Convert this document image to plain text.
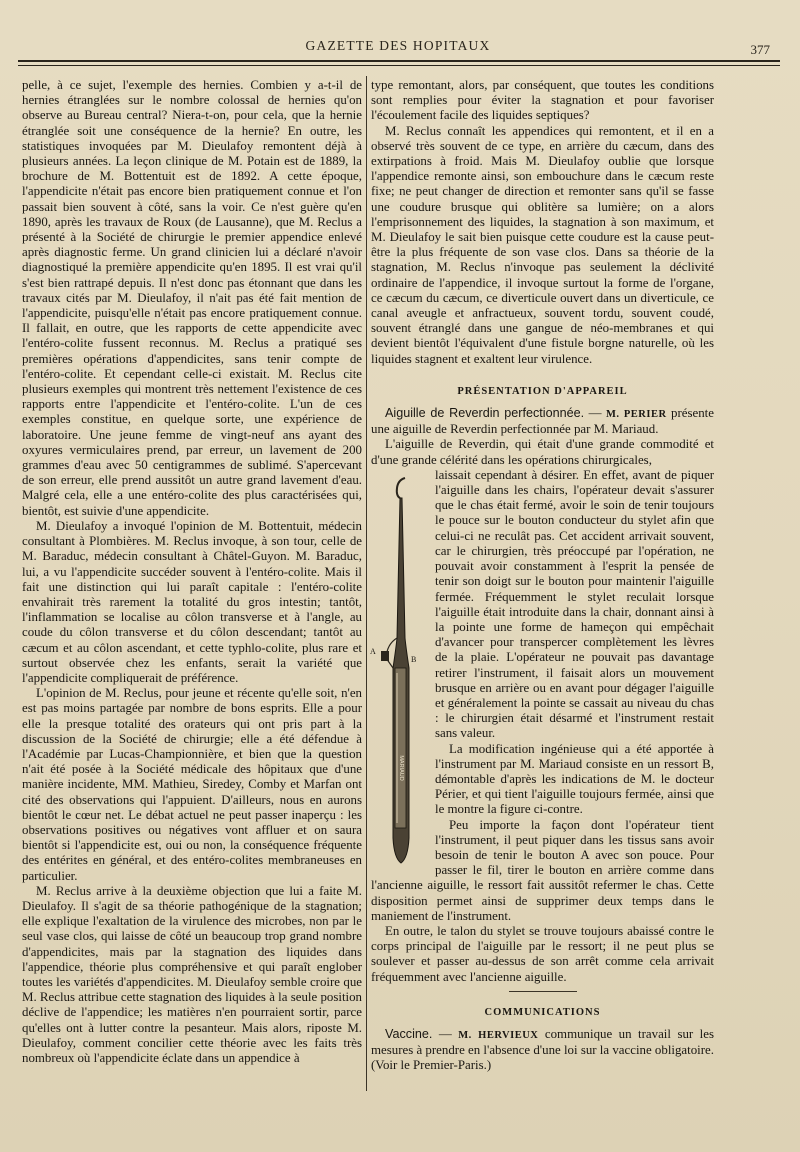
GAZETTE DES HOPITAUX	377

pelle, à ce sujet, l'exemple des hernies. Combien y a-t-il de hernies étranglées sur le nombre colossal de hernies qu'on observe au Bureau central? Niera-t-on, pour cela, que la hernie étranglée soit une conséquence de la hernie? En outre, les statistiques invoquées par M. Dieulafoy remontent déjà à plusieurs années. La leçon clinique de M. Potain est de 1889, la brochure de M. Bottentuit est de 1892. A cette époque, l'appendicite n'était pas encore bien pratiquement connue et l'on passait bien souvent à côté, sans la voir. Ce n'est guère qu'en 1890, après les travaux de Roux (de Lausanne), que M. Reclus a présenté à la Société de chirurgie le premier appendice enlevé après diagnostic ferme. Un grand clinicien lui a déclaré n'avoir diagnostiqué la première appendicite qu'en 1895. Il est vrai qu'il s'est bien rattrapé depuis. Il n'est donc pas étonnant que dans les travaux cités par M. Dieulafoy, il n'ait pas été fait mention de l'appendicite, puisqu'elle n'était pas encore pratiquement connue. Il fallait, en outre, que les rapports de cette appendicite avec l'entéro-colite fussent reconnus. M. Reclus a pratiqué ses premières opérations d'appendicites, sans tenir compte de l'entéro-colite. Et cependant celle-ci existait. M. Reclus cite plusieurs exemples qui montrent très nettement l'existence de ces rapports entre l'appendicite et l'entéro-colite. L'un de ces exemples constitue, en quelque sorte, une expérience de laboratoire. Une jeune femme de vingt-neuf ans ayant des oxyures vermiculaires prend, par erreur, un lavement de 200 grammes d'eau avec 50 centigrammes de sublimé. S'apercevant de son erreur, elle prend aussitôt un autre grand lavement d'eau. Malgré cela, elle a une entéro-colite des plus caractérisées qui, bientôt, est suivie d'une appendicite.

M. Dieulafoy a invoqué l'opinion de M. Bottentuit, médecin consultant à Plombières. M. Reclus invoque, à son tour, celle de M. Baraduc, médecin consultant à Châtel-Guyon. M. Baraduc, lui, a vu l'appendicite succéder souvent à l'entéro-colite. Mais il fait une distinction qui lui paraît capitale : l'entéro-colite envahirait très rarement la totalité du gros intestin; tantôt, l'inflammation se localise au côlon transverse et à l'angle, au coude du côlon transverse et du côlon descendant; tantôt au cæcum et au côlon ascendant, et cette typhlo-colite, plus rare et surtout observée chez les enfants, serait la variété que l'appendicite compliquerait de préférence.

L'opinion de M. Reclus, pour jeune et récente qu'elle soit, n'en est pas moins partagée par nombre de bons esprits. Elle a pour elle la presque totalité des orateurs qui ont pris part à la discussion de la Société de chirurgie; elle a été défendue à l'Académie par Lucas-Championnière, et bien que la question n'ait été posée à la Société médicale des hôpitaux que d'une manière incidente, MM. Mathieu, Siredey, Comby et Marfan ont cité des observations qui l'appuient. D'ailleurs, nous en aurons bientôt le cœur net. Le débat actuel ne peut passer inaperçu : les observations positives ou négatives vont affluer et on saura bientôt si l'appendicite est, oui ou non, la conséquence fréquente des entérites en général, et des entéro-colites membraneuses en particulier.

M. Reclus arrive à la deuxième objection que lui a faite M. Dieulafoy. Il s'agit de sa théorie pathogénique de la stagnation; elle explique l'exaltation de la virulence des microbes, non par le seul vase clos, qui laisse de côté un beaucoup trop grand nombre d'appendicites, mais par la stagnation des liquides dans l'appendice, théorie plus compréhensive et qui paraît englober toutes les variétés d'appendicites. M. Dieulafoy semble croire que M. Reclus attribue cette stagnation des liquides à la seule position déclive de l'appendice; les matières n'en pourraient sortir, parce qu'elles ont à lutter contre la pesanteur. Mais alors, riposte M. Dieulafoy, comment concilier cette théorie avec les faits très nombreux où l'appendicite éclate dans un appendice à

type remontant, alors, par conséquent, que toutes les conditions sont remplies pour éviter la stagnation et pour favoriser l'écoulement facile des liquides septiques?

M. Reclus connaît les appendices qui remontent, et il en a observé très souvent de ce type, en arrière du cæcum, dans des extirpations à froid. Mais M. Dieulafoy oublie que lorsque l'appendice remonte ainsi, son embouchure dans le cæcum reste fixe; ne peut changer de direction et remonter sans qu'il se fasse une coudure brusque qui oblitère sa lumière; on a alors l'emprisonnement des liquides, la stagnation à son maximum, et M. Dieulafoy le sait bien puisque cette coudure est la cause peut-être la plus fréquente de son vase clos. Dans sa théorie de la stagnation, M. Reclus n'invoque pas seulement la déclivité ordinaire de l'appendice, il invoque surtout la forme de l'organe, ce cæcum du cæcum, ce diverticule ouvert dans un diverticule, ce canal aveugle et anfractueux, souvent tordu, souvent coudé, souvent étranglé dans une gangue de néo-membranes et qui devient bientôt l'équivalent d'une fistule borgne naturelle, où les liquides stagnent et exaltent leur virulence.

PRÉSENTATION D'APPAREIL

Aiguille de Reverdin perfectionnée. — M. PERIER présente une aiguille de Reverdin perfectionnée par M. Mariaud.

L'aiguille de Reverdin, qui était d'une grande commodité et d'une grande célérité dans les opérations chirurgicales,

A
B
MARIAUD

laissait cependant à désirer. En effet, avant de piquer l'aiguille dans les chairs, l'opérateur devait s'assurer que le chas était fermé, avoir le soin de tenir toujours le pouce sur le bouton conducteur du stylet afin que celui-ci ne reculât pas. Cet accident arrivait souvent, car le chirurgien, très préoccupé par l'opération, ne pouvait avoir constamment à l'esprit la pensée de tenir son doigt sur le bouton pour maintenir l'aiguille fermée. Fréquemment le stylet reculait lorsque l'aiguille était introduite dans la chair, donnant ainsi à la pointe une forme de hameçon qui empêchait d'avancer pour transpercer complètement les lèvres de la plaie. L'opérateur ne pouvait pas davantage retirer l'instrument, il faisait alors un mouvement brusque en arrière ou en avant pour dégager l'aiguille et généralement la pointe se cassait au niveau du chas : le chirurgien était désarmé et l'instrument restait sans valeur.

La modification ingénieuse qui a été apportée à l'instrument par M. Mariaud consiste en un ressort B, démontable d'après les indications de M. le docteur Périer, et qui tient l'aiguille toujours fermée, ainsi que le montre la figure ci-contre.

Peu importe la façon dont l'opérateur tient l'instrument, il peut piquer dans les tissus sans avoir besoin de tenir le bouton A avec son pouce. Pour passer le fil, tirer le bouton en arrière comme dans l'ancienne aiguille, le ressort fait aussitôt refermer le chas. Cette disposition permet ainsi de supprimer deux temps dans le maniement de l'instrument.

En outre, le talon du stylet se trouve toujours abaissé contre le corps principal de l'aiguille par le ressort; il ne peut plus se soulever et passer au-dessus de son arrêt comme cela arrivait fréquemment avec l'ancienne aiguille.

COMMUNICATIONS

Vaccine. — M. HERVIEUX communique un travail sur les mesures à prendre en l'absence d'une loi sur la vaccine obligatoire. (Voir le Premier-Paris.)
